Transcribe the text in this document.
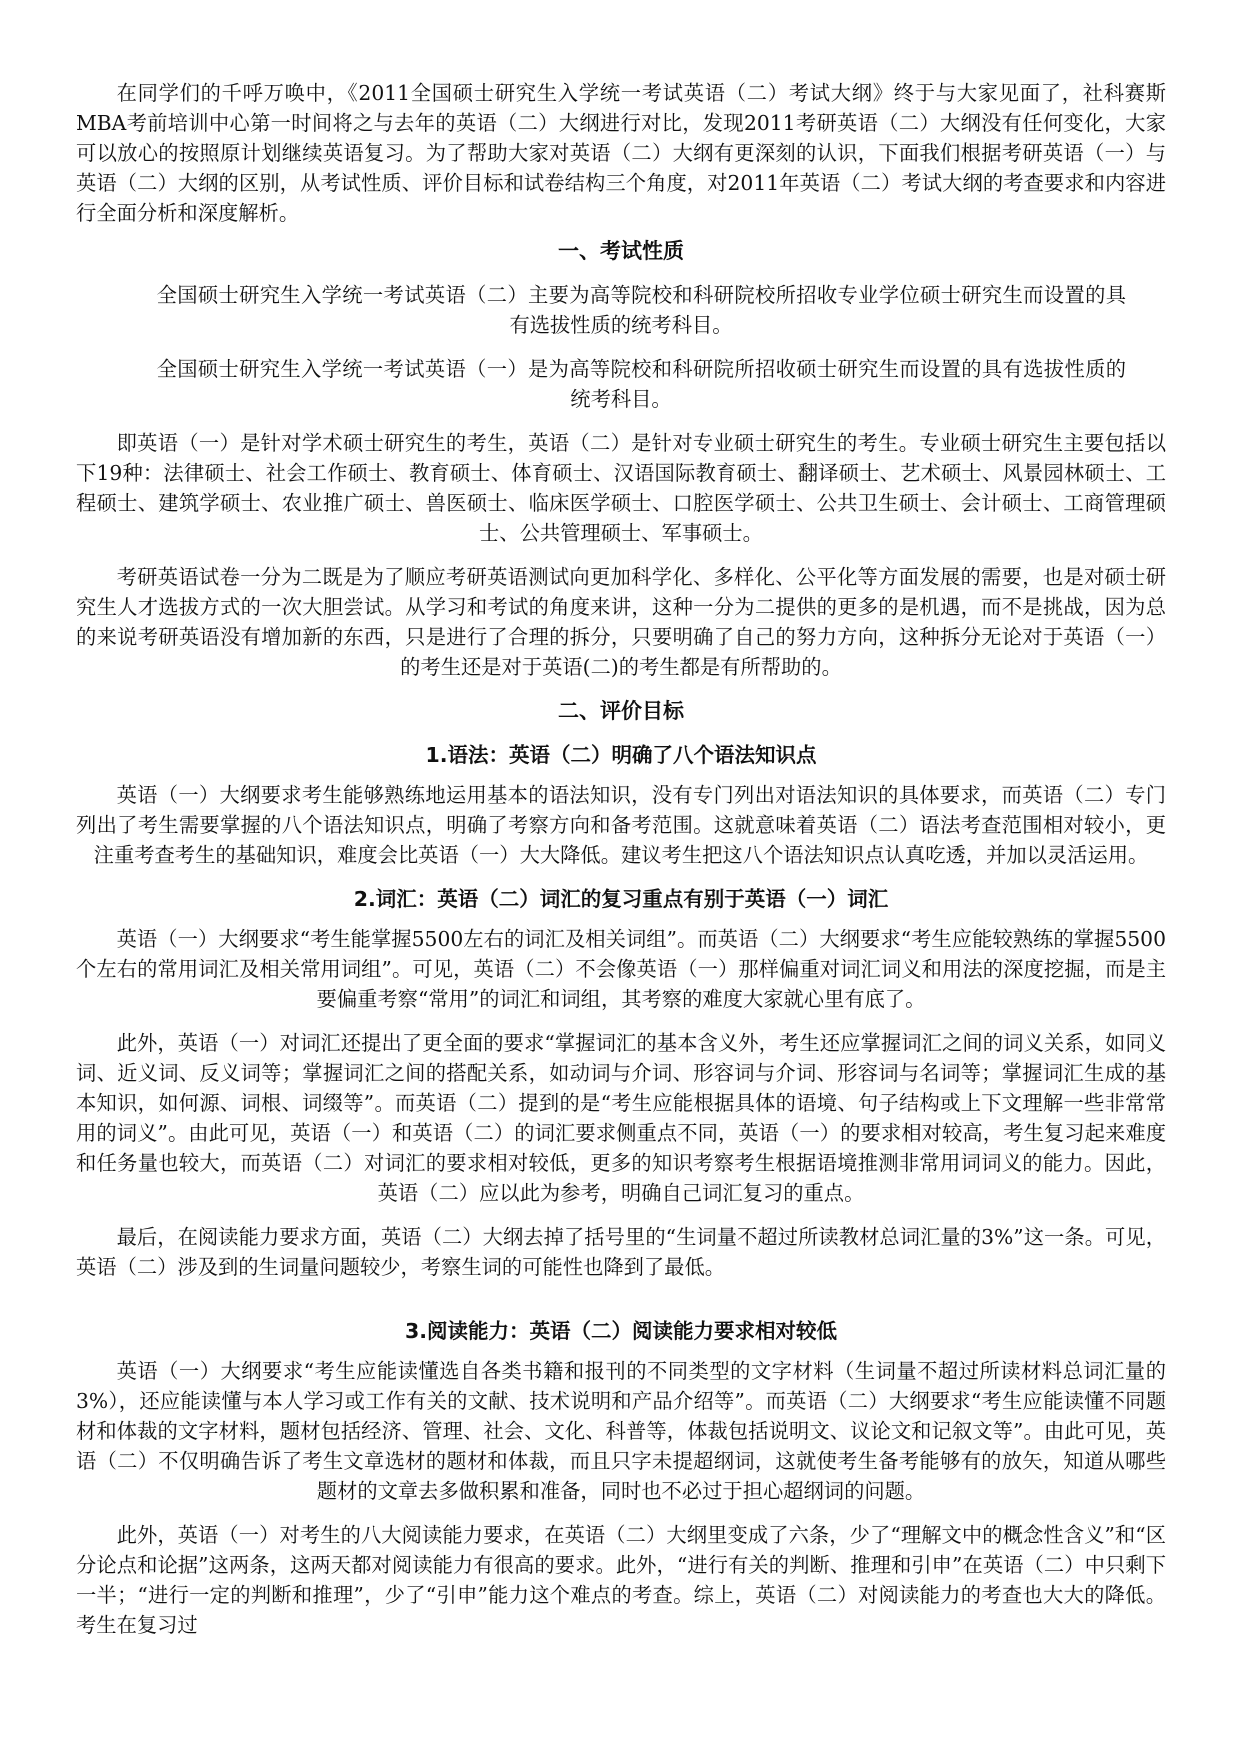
在同学们的千呼万唤中，《2011全国硕士研究生入学统一考试英语（二）考试大纲》终于与大家见面了，社科赛斯MBA考前培训中心第一时间将之与去年的英语（二）大纲进行对比，发现2011考研英语（二）大纲没有任何变化，大家可以放心的按照原计划继续英语复习。为了帮助大家对英语（二）大纲有更深刻的认识，下面我们根据考研英语（一）与英语（二）大纲的区别，从考试性质、评价目标和试卷结构三个角度，对2011年英语（二）考试大纲的考查要求和内容进行全面分析和深度解析。

一、考试性质

全国硕士研究生入学统一考试英语（二）主要为高等院校和科研院校所招收专业学位硕士研究生而设置的具有选拔性质的统考科目。

全国硕士研究生入学统一考试英语（一）是为高等院校和科研院所招收硕士研究生而设置的具有选拔性质的统考科目。

即英语（一）是针对学术硕士研究生的考生，英语（二）是针对专业硕士研究生的考生。专业硕士研究生主要包括以下19种：法律硕士、社会工作硕士、教育硕士、体育硕士、汉语国际教育硕士、翻译硕士、艺术硕士、风景园林硕士、工程硕士、建筑学硕士、农业推广硕士、兽医硕士、临床医学硕士、口腔医学硕士、公共卫生硕士、会计硕士、工商管理硕士、公共管理硕士、军事硕士。

考研英语试卷一分为二既是为了顺应考研英语测试向更加科学化、多样化、公平化等方面发展的需要，也是对硕士研究生人才选拔方式的一次大胆尝试。从学习和考试的角度来讲，这种一分为二提供的更多的是机遇，而不是挑战，因为总的来说考研英语没有增加新的东西，只是进行了合理的拆分，只要明确了自己的努力方向，这种拆分无论对于英语（一）的考生还是对于英语(二)的考生都是有所帮助的。

二、评价目标

1.语法：英语（二）明确了八个语法知识点

英语（一）大纲要求考生能够熟练地运用基本的语法知识，没有专门列出对语法知识的具体要求，而英语（二）专门列出了考生需要掌握的八个语法知识点，明确了考察方向和备考范围。这就意味着英语（二）语法考查范围相对较小，更注重考查考生的基础知识，难度会比英语（一）大大降低。建议考生把这八个语法知识点认真吃透，并加以灵活运用。

2.词汇：英语（二）词汇的复习重点有别于英语（一）词汇

英语（一）大纲要求“考生能掌握5500左右的词汇及相关词组”。而英语（二）大纲要求“考生应能较熟练的掌握5500个左右的常用词汇及相关常用词组”。可见，英语（二）不会像英语（一）那样偏重对词汇词义和用法的深度挖掘，而是主要偏重考察“常用”的词汇和词组，其考察的难度大家就心里有底了。

此外，英语（一）对词汇还提出了更全面的要求“掌握词汇的基本含义外，考生还应掌握词汇之间的词义关系，如同义词、近义词、反义词等；掌握词汇之间的搭配关系，如动词与介词、形容词与介词、形容词与名词等；掌握词汇生成的基本知识，如何源、词根、词缀等”。而英语（二）提到的是“考生应能根据具体的语境、句子结构或上下文理解一些非常常用的词义”。由此可见，英语（一）和英语（二）的词汇要求侧重点不同，英语（一）的要求相对较高，考生复习起来难度和任务量也较大，而英语（二）对词汇的要求相对较低，更多的知识考察考生根据语境推测非常用词词义的能力。因此，英语（二）应以此为参考，明确自己词汇复习的重点。

最后，在阅读能力要求方面，英语（二）大纲去掉了括号里的“生词量不超过所读教材总词汇量的3%”这一条。可见，英语（二）涉及到的生词量问题较少，考察生词的可能性也降到了最低。

3.阅读能力：英语（二）阅读能力要求相对较低

英语（一）大纲要求“考生应能读懂选自各类书籍和报刊的不同类型的文字材料（生词量不超过所读材料总词汇量的3%），还应能读懂与本人学习或工作有关的文献、技术说明和产品介绍等”。而英语（二）大纲要求“考生应能读懂不同题材和体裁的文字材料，题材包括经济、管理、社会、文化、科普等，体裁包括说明文、议论文和记叙文等”。由此可见，英语（二）不仅明确告诉了考生文章选材的题材和体裁，而且只字未提超纲词，这就使考生备考能够有的放矢，知道从哪些题材的文章去多做积累和准备，同时也不必过于担心超纲词的问题。

此外，英语（一）对考生的八大阅读能力要求，在英语（二）大纲里变成了六条，少了“理解文中的概念性含义”和“区分论点和论据”这两条，这两天都对阅读能力有很高的要求。此外，“进行有关的判断、推理和引申”在英语（二）中只剩下一半；“进行一定的判断和推理”，少了“引申”能力这个难点的考查。综上，英语（二）对阅读能力的考查也大大的降低。考生在复习过
